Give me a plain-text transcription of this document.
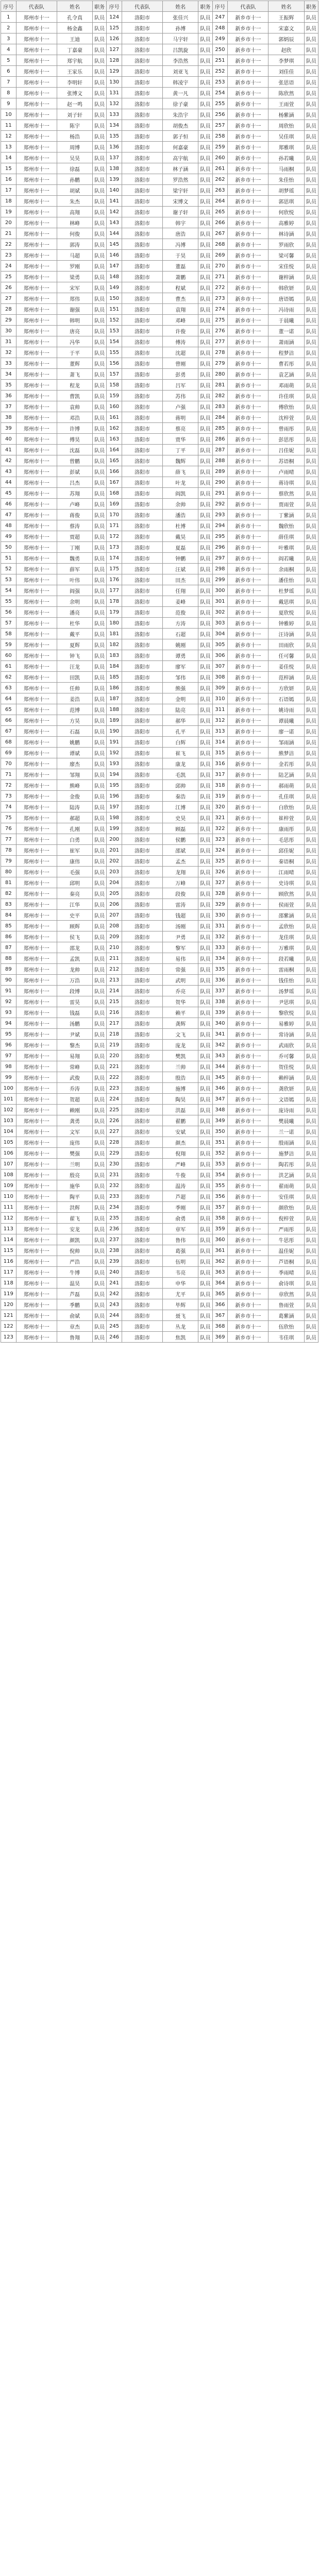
序号	代表队	姓名	职务	序号	代表队	姓名	职务	序号	代表队	姓名	职务
1	郑州市十一	孔令真	队员	124	洛阳市	张佳兴	队员	247	新乡市十一	王振辉	队员
2	郑州市十一	杨金鑫	队员	125	洛阳市	孙博	队员	248	新乡市十一	宋嘉文	队员
3	郑州市十一	王迪	队员	126	洛阳市	马宇轩	队员	249	新乡市十一	郭炳辰	队员
4	郑州市十一	丁嘉豪	队员	127	洛阳市	吕凯旋	队员	250	新乡市十一	赵欣	队员
5	郑州市十一	郑宇航	队员	128	洛阳市	李浩然	队员	251	新乡市十一	李梦琪	队员
6	郑州市十一	王家乐	队员	129	洛阳市	刘亚飞	队员	252	新乡市十一	刘佳佳	队员
7	郑州市十一	李明轩	队员	130	洛阳市	韩凌宇	队员	253	新乡市十一	张思语	队员
8	郑州市十一	张博文	队员	131	洛阳市	黄一凡	队员	254	新乡市十一	陈欣然	队员
9	郑州市十一	赵一鸣	队员	132	洛阳市	徐子豪	队员	255	新乡市十一	王雨萱	队员
10	郑州市十一	刘子轩	队员	133	洛阳市	朱浩宇	队员	256	新乡市十一	杨紫涵	队员
11	郑州市十一	陈宇	队员	134	洛阳市	胡俊杰	队员	257	新乡市十一	周欣怡	队员
12	郑州市十一	杨浩	队员	135	洛阳市	郭子恒	队员	258	新乡市十一	吴佳琪	队员
13	郑州市十一	周博	队员	136	洛阳市	何嘉豪	队员	259	新乡市十一	郑雅琪	队员
14	郑州市十一	吴昊	队员	137	洛阳市	高宇航	队员	260	新乡市十一	孙若曦	队员
15	郑州市十一	徐磊	队员	138	洛阳市	林子涵	队员	261	新乡市十一	马雨桐	队员
16	郑州市十一	孙鹏	队员	139	洛阳市	罗浩然	队员	262	新乡市十一	朱佳怡	队员
17	郑州市十一	胡斌	队员	140	洛阳市	梁宇轩	队员	263	新乡市十一	胡梦瑶	队员
18	郑州市十一	朱杰	队员	141	洛阳市	宋博文	队员	264	新乡市十一	郭思琪	队员
19	郑州市十一	高翔	队员	142	洛阳市	谢子轩	队员	265	新乡市十一	何欣悦	队员
20	郑州市十一	林峰	队员	143	洛阳市	韩宇	队员	266	新乡市十一	高雅婷	队员
21	郑州市十一	何俊	队员	144	洛阳市	唐浩	队员	267	新乡市十一	林诗涵	队员
22	郑州市十一	郭涛	队员	145	洛阳市	冯博	队员	268	新乡市十一	罗雨欣	队员
23	郑州市十一	马超	队员	146	洛阳市	于昊	队员	269	新乡市十一	梁可馨	队员
24	郑州市十一	罗刚	队员	147	洛阳市	董磊	队员	270	新乡市十一	宋佳悦	队员
25	郑州市十一	梁勇	队员	148	洛阳市	萧鹏	队员	271	新乡市十一	谢梓涵	队员
26	郑州市十一	宋军	队员	149	洛阳市	程斌	队员	272	新乡市十一	韩欣妍	队员
27	郑州市十一	郑伟	队员	150	洛阳市	曹杰	队员	273	新乡市十一	唐语嫣	队员
28	郑州市十一	谢强	队员	151	洛阳市	袁翔	队员	274	新乡市十一	冯诗雨	队员
29	郑州市十一	韩明	队员	152	洛阳市	邓峰	队员	275	新乡市十一	于晨曦	队员
30	郑州市十一	唐亮	队员	153	洛阳市	许俊	队员	276	新乡市十一	董一诺	队员
31	郑州市十一	冯华	队员	154	洛阳市	傅涛	队员	277	新乡市十一	萧雨涵	队员
32	郑州市十一	于平	队员	155	洛阳市	沈超	队员	278	新乡市十一	程梦洁	队员
33	郑州市十一	董辉	队员	156	洛阳市	曾刚	队员	279	新乡市十一	曹若彤	队员
34	郑州市十一	萧飞	队员	157	洛阳市	彭勇	队员	280	新乡市十一	袁艺涵	队员
35	郑州市十一	程龙	队员	158	洛阳市	吕军	队员	281	新乡市十一	邓雨萌	队员
36	郑州市十一	曹凯	队员	159	洛阳市	苏伟	队员	282	新乡市十一	许佳琪	队员
37	郑州市十一	袁帅	队员	160	洛阳市	卢强	队员	283	新乡市十一	傅欣怡	队员
38	郑州市十一	邓浩	队员	161	洛阳市	蒋明	队员	284	新乡市十一	沈梓萱	队员
39	郑州市十一	许博	队员	162	洛阳市	蔡亮	队员	285	新乡市十一	曾雨彤	队员
40	郑州市十一	傅昊	队员	163	洛阳市	贾华	队员	286	新乡市十一	彭思彤	队员
41	郑州市十一	沈磊	队员	164	洛阳市	丁平	队员	287	新乡市十一	吕佳妮	队员
42	郑州市十一	曾鹏	队员	165	洛阳市	魏辉	队员	288	新乡市十一	苏语桐	队员
43	郑州市十一	彭斌	队员	166	洛阳市	薛飞	队员	289	新乡市十一	卢雨晴	队员
44	郑州市十一	吕杰	队员	167	洛阳市	叶龙	队员	290	新乡市十一	蒋诗琪	队员
45	郑州市十一	苏翔	队员	168	洛阳市	阎凯	队员	291	新乡市十一	蔡欣然	队员
46	郑州市十一	卢峰	队员	169	洛阳市	余帅	队员	292	新乡市十一	贾雨萱	队员
47	郑州市十一	蒋俊	队员	170	洛阳市	潘浩	队员	293	新乡市十一	丁紫涵	队员
48	郑州市十一	蔡涛	队员	171	洛阳市	杜博	队员	294	新乡市十一	魏欣怡	队员
49	郑州市十一	贾超	队员	172	洛阳市	戴昊	队员	295	新乡市十一	薛佳琪	队员
50	郑州市十一	丁刚	队员	173	洛阳市	夏磊	队员	296	新乡市十一	叶雅琪	队员
51	郑州市十一	魏勇	队员	174	洛阳市	钟鹏	队员	297	新乡市十一	阎若曦	队员
52	郑州市十一	薛军	队员	175	洛阳市	汪斌	队员	298	新乡市十一	余雨桐	队员
53	郑州市十一	叶伟	队员	176	洛阳市	田杰	队员	299	新乡市十一	潘佳怡	队员
54	郑州市十一	阎强	队员	177	洛阳市	任翔	队员	300	新乡市十一	杜梦瑶	队员
55	郑州市十一	余明	队员	178	洛阳市	姜峰	队员	301	新乡市十一	戴思琪	队员
56	郑州市十一	潘亮	队员	179	洛阳市	范俊	队员	302	新乡市十一	夏欣悦	队员
57	郑州市十一	杜华	队员	180	洛阳市	方涛	队员	303	新乡市十一	钟雅婷	队员
58	郑州市十一	戴平	队员	181	洛阳市	石超	队员	304	新乡市十一	汪诗涵	队员
59	郑州市十一	夏辉	队员	182	洛阳市	姚刚	队员	305	新乡市十一	田雨欣	队员
60	郑州市十一	钟飞	队员	183	洛阳市	谭勇	队员	306	新乡市十一	任可馨	队员
61	郑州市十一	汪龙	队员	184	洛阳市	廖军	队员	307	新乡市十一	姜佳悦	队员
62	郑州市十一	田凯	队员	185	洛阳市	邹伟	队员	308	新乡市十一	范梓涵	队员
63	郑州市十一	任帅	队员	186	洛阳市	熊强	队员	309	新乡市十一	方欣妍	队员
64	郑州市十一	姜浩	队员	187	洛阳市	金明	队员	310	新乡市十一	石语嫣	队员
65	郑州市十一	范博	队员	188	洛阳市	陆亮	队员	311	新乡市十一	姚诗雨	队员
66	郑州市十一	方昊	队员	189	洛阳市	郝华	队员	312	新乡市十一	谭晨曦	队员
67	郑州市十一	石磊	队员	190	洛阳市	孔平	队员	313	新乡市十一	廖一诺	队员
68	郑州市十一	姚鹏	队员	191	洛阳市	白辉	队员	314	新乡市十一	邹雨涵	队员
69	郑州市十一	谭斌	队员	192	洛阳市	崔飞	队员	315	新乡市十一	熊梦洁	队员
70	郑州市十一	廖杰	队员	193	洛阳市	康龙	队员	316	新乡市十一	金若彤	队员
71	郑州市十一	邹翔	队员	194	洛阳市	毛凯	队员	317	新乡市十一	陆艺涵	队员
72	郑州市十一	熊峰	队员	195	洛阳市	邱帅	队员	318	新乡市十一	郝雨萌	队员
73	郑州市十一	金俊	队员	196	洛阳市	秦浩	队员	319	新乡市十一	孔佳琪	队员
74	郑州市十一	陆涛	队员	197	洛阳市	江博	队员	320	新乡市十一	白欣怡	队员
75	郑州市十一	郝超	队员	198	洛阳市	史昊	队员	321	新乡市十一	崔梓萱	队员
76	郑州市十一	孔刚	队员	199	洛阳市	顾磊	队员	322	新乡市十一	康雨彤	队员
77	郑州市十一	白勇	队员	200	洛阳市	侯鹏	队员	323	新乡市十一	毛思彤	队员
78	郑州市十一	崔军	队员	201	洛阳市	邵斌	队员	324	新乡市十一	邱佳妮	队员
79	郑州市十一	康伟	队员	202	洛阳市	孟杰	队员	325	新乡市十一	秦语桐	队员
80	郑州市十一	毛强	队员	203	洛阳市	龙翔	队员	326	新乡市十一	江雨晴	队员
81	郑州市十一	邱明	队员	204	洛阳市	万峰	队员	327	新乡市十一	史诗琪	队员
82	郑州市十一	秦亮	队员	205	洛阳市	段俊	队员	328	新乡市十一	顾欣然	队员
83	郑州市十一	江华	队员	206	洛阳市	雷涛	队员	329	新乡市十一	侯雨萱	队员
84	郑州市十一	史平	队员	207	洛阳市	钱超	队员	330	新乡市十一	邵紫涵	队员
85	郑州市十一	顾辉	队员	208	洛阳市	汤刚	队员	331	新乡市十一	孟欣怡	队员
86	郑州市十一	侯飞	队员	209	洛阳市	尹勇	队员	332	新乡市十一	龙佳琪	队员
87	郑州市十一	邵龙	队员	210	洛阳市	黎军	队员	333	新乡市十一	万雅琪	队员
88	郑州市十一	孟凯	队员	211	洛阳市	易伟	队员	334	新乡市十一	段若曦	队员
89	郑州市十一	龙帅	队员	212	洛阳市	常强	队员	335	新乡市十一	雷雨桐	队员
90	郑州市十一	万浩	队员	213	洛阳市	武明	队员	336	新乡市十一	钱佳怡	队员
91	郑州市十一	段博	队员	214	洛阳市	乔亮	队员	337	新乡市十一	汤梦瑶	队员
92	郑州市十一	雷昊	队员	215	洛阳市	贺华	队员	338	新乡市十一	尹思琪	队员
93	郑州市十一	钱磊	队员	216	洛阳市	赖平	队员	339	新乡市十一	黎欣悦	队员
94	郑州市十一	汤鹏	队员	217	洛阳市	龚辉	队员	340	新乡市十一	易雅婷	队员
95	郑州市十一	尹斌	队员	218	洛阳市	文飞	队员	341	新乡市十一	常诗涵	队员
96	郑州市十一	黎杰	队员	219	洛阳市	庞龙	队员	342	新乡市十一	武雨欣	队员
97	郑州市十一	易翔	队员	220	洛阳市	樊凯	队员	343	新乡市十一	乔可馨	队员
98	郑州市十一	常峰	队员	221	洛阳市	兰帅	队员	344	新乡市十一	贺佳悦	队员
99	郑州市十一	武俊	队员	222	洛阳市	殷浩	队员	345	新乡市十一	赖梓涵	队员
100	郑州市十一	乔涛	队员	223	洛阳市	施博	队员	346	新乡市十一	龚欣妍	队员
101	郑州市十一	贺超	队员	224	洛阳市	陶昊	队员	347	新乡市十一	文语嫣	队员
102	郑州市十一	赖刚	队员	225	洛阳市	洪磊	队员	348	新乡市十一	庞诗雨	队员
103	郑州市十一	龚勇	队员	226	洛阳市	翟鹏	队员	349	新乡市十一	樊晨曦	队员
104	郑州市十一	文军	队员	227	洛阳市	安斌	队员	350	新乡市十一	兰一诺	队员
105	郑州市十一	庞伟	队员	228	洛阳市	颜杰	队员	351	新乡市十一	殷雨涵	队员
106	郑州市十一	樊强	队员	229	洛阳市	倪翔	队员	352	新乡市十一	施梦洁	队员
107	郑州市十一	兰明	队员	230	洛阳市	严峰	队员	353	新乡市十一	陶若彤	队员
108	郑州市十一	殷亮	队员	231	洛阳市	牛俊	队员	354	新乡市十一	洪艺涵	队员
109	郑州市十一	施华	队员	232	洛阳市	温涛	队员	355	新乡市十一	翟雨萌	队员
110	郑州市十一	陶平	队员	233	洛阳市	芦超	队员	356	新乡市十一	安佳琪	队员
111	郑州市十一	洪辉	队员	234	洛阳市	季刚	队员	357	新乡市十一	颜欣怡	队员
112	郑州市十一	翟飞	队员	235	洛阳市	俞勇	队员	358	新乡市十一	倪梓萱	队员
113	郑州市十一	安龙	队员	236	洛阳市	章军	队员	359	新乡市十一	严雨彤	队员
114	郑州市十一	颜凯	队员	237	洛阳市	鲁伟	队员	360	新乡市十一	牛思彤	队员
115	郑州市十一	倪帅	队员	238	洛阳市	葛强	队员	361	新乡市十一	温佳妮	队员
116	郑州市十一	严浩	队员	239	洛阳市	伍明	队员	362	新乡市十一	芦语桐	队员
117	郑州市十一	牛博	队员	240	洛阳市	韦亮	队员	363	新乡市十一	季雨晴	队员
118	郑州市十一	温昊	队员	241	洛阳市	申华	队员	364	新乡市十一	俞诗琪	队员
119	郑州市十一	芦磊	队员	242	洛阳市	尤平	队员	365	新乡市十一	章欣然	队员
120	郑州市十一	季鹏	队员	243	洛阳市	毕辉	队员	366	新乡市十一	鲁雨萱	队员
121	郑州市十一	俞斌	队员	244	洛阳市	聂飞	队员	367	新乡市十一	葛紫涵	队员
122	郑州市十一	章杰	队员	245	洛阳市	丛龙	队员	368	新乡市十一	伍欣怡	队员
123	郑州市十一	鲁翔	队员	246	洛阳市	焦凯	队员	369	新乡市十一	韦佳琪	队员
